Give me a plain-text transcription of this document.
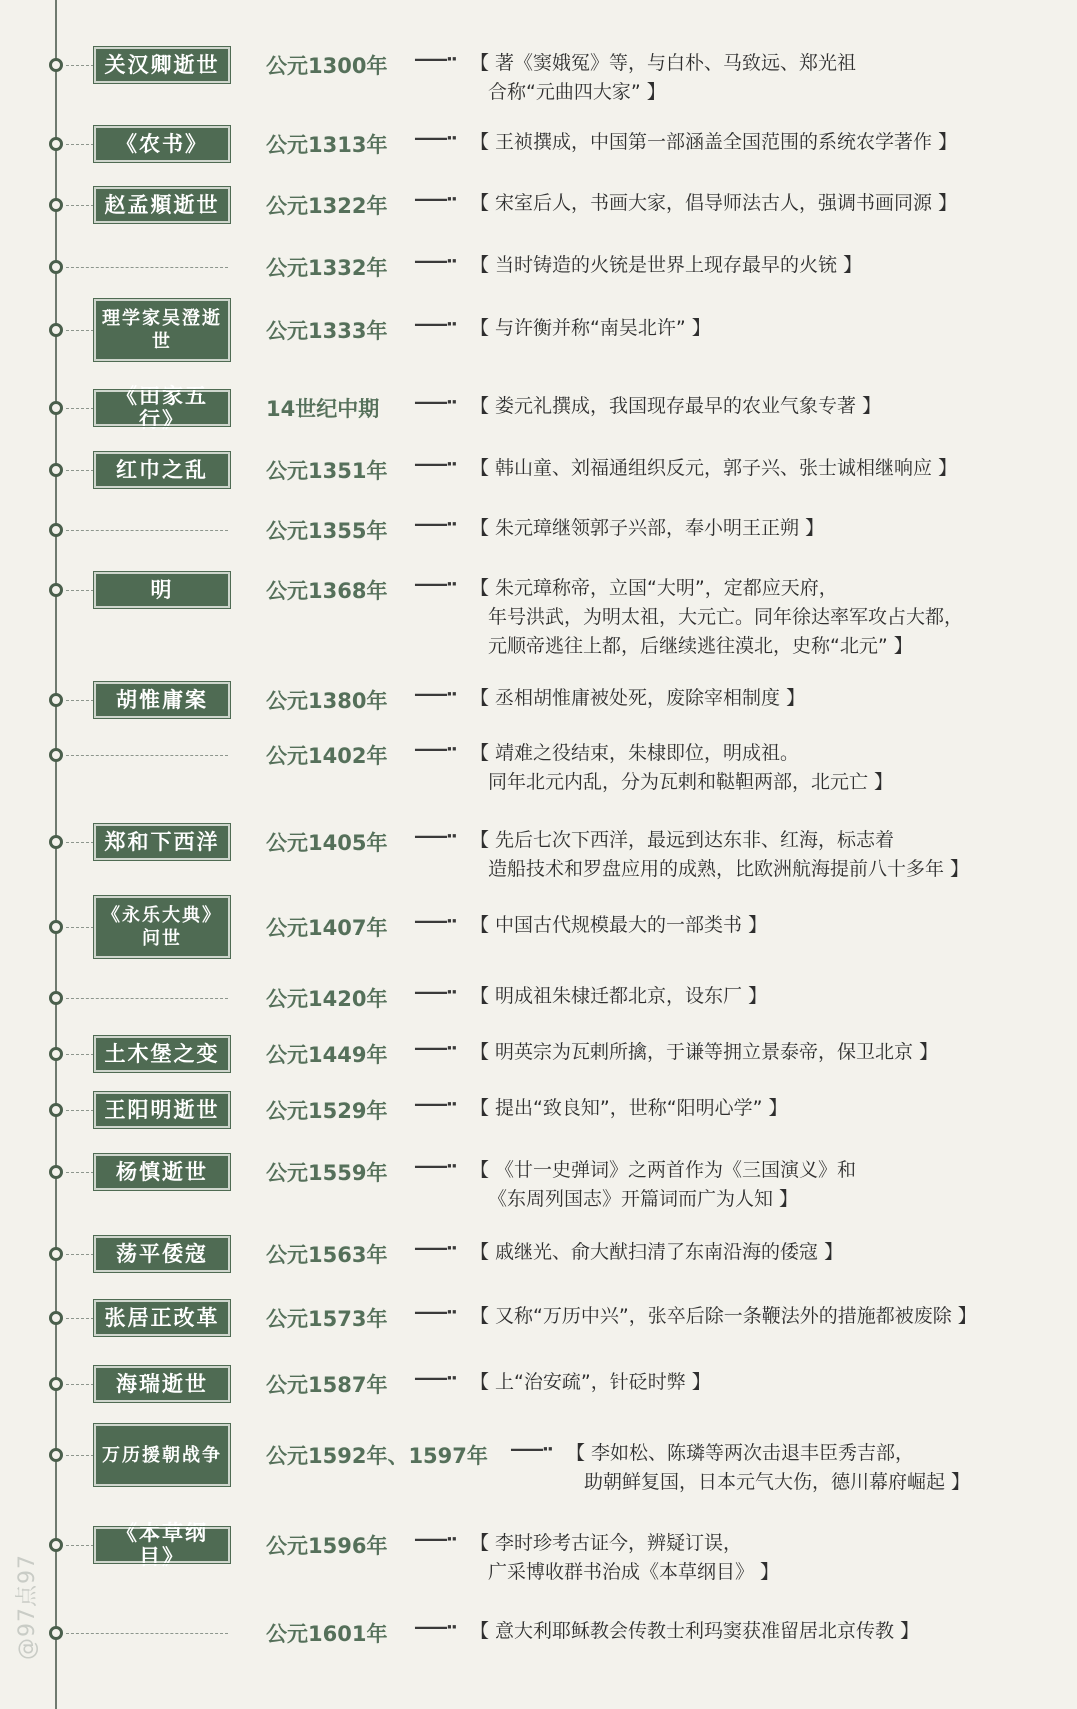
关汉卿逝世	公元1300年 ——·· 【 著《窦娥冤》等，与白朴、马致远、郑光祖
合称“元曲四大家” 】
《农书》	公元1313年 ——·· 【 王祯撰成，中国第一部涵盖全国范围的系统农学著作 】
赵孟頫逝世	公元1322年 ——·· 【 宋室后人，书画大家，倡导师法古人，强调书画同源 】
公元1332年 ——·· 【 当时铸造的火铳是世界上现存最早的火铳 】
理学家吴澄逝世	公元1333年 ——·· 【 与许衡并称“南吴北许” 】
《田家五行》	14世纪中期 ——·· 【 娄元礼撰成，我国现存最早的农业气象专著 】
红巾之乱	公元1351年 ——·· 【 韩山童、刘福通组织反元，郭子兴、张士诚相继响应 】
公元1355年 ——·· 【 朱元璋继领郭子兴部，奉小明王正朔 】
明	公元1368年 ——·· 【 朱元璋称帝，立国“大明”，定都应天府，
年号洪武，为明太祖，大元亡。同年徐达率军攻占大都，
元顺帝逃往上都，后继续逃往漠北，史称“北元” 】
胡惟庸案	公元1380年 ——·· 【 丞相胡惟庸被处死，废除宰相制度 】
公元1402年 ——·· 【 靖难之役结束，朱棣即位，明成祖。
同年北元内乱，分为瓦剌和鞑靼两部，北元亡 】
郑和下西洋	公元1405年 ——·· 【 先后七次下西洋，最远到达东非、红海，标志着
造船技术和罗盘应用的成熟，比欧洲航海提前八十多年 】
《永乐大典》问世	公元1407年 ——·· 【 中国古代规模最大的一部类书 】
公元1420年 ——·· 【 明成祖朱棣迁都北京，设东厂 】
土木堡之变	公元1449年 ——·· 【 明英宗为瓦剌所擒，于谦等拥立景泰帝，保卫北京 】
王阳明逝世	公元1529年 ——·· 【 提出“致良知”，世称“阳明心学” 】
杨慎逝世	公元1559年 ——·· 【 《廿一史弹词》之两首作为《三国演义》和
《东周列国志》开篇词而广为人知 】
荡平倭寇	公元1563年 ——·· 【 戚继光、俞大猷扫清了东南沿海的倭寇 】
张居正改革	公元1573年 ——·· 【 又称“万历中兴”，张卒后除一条鞭法外的措施都被废除 】
海瑞逝世	公元1587年 ——·· 【 上“治安疏”，针砭时弊 】
万历援朝战争	公元1592年、1597年 ——·· 【 李如松、陈璘等两次击退丰臣秀吉部，
助朝鲜复国，日本元气大伤，德川幕府崛起 】
《本草纲目》	公元1596年 ——·· 【 李时珍考古证今，辨疑订误，
广采博收群书治成《本草纲目》 】
公元1601年 ——·· 【 意大利耶稣教会传教士利玛窦获准留居北京传教 】
@97点97
